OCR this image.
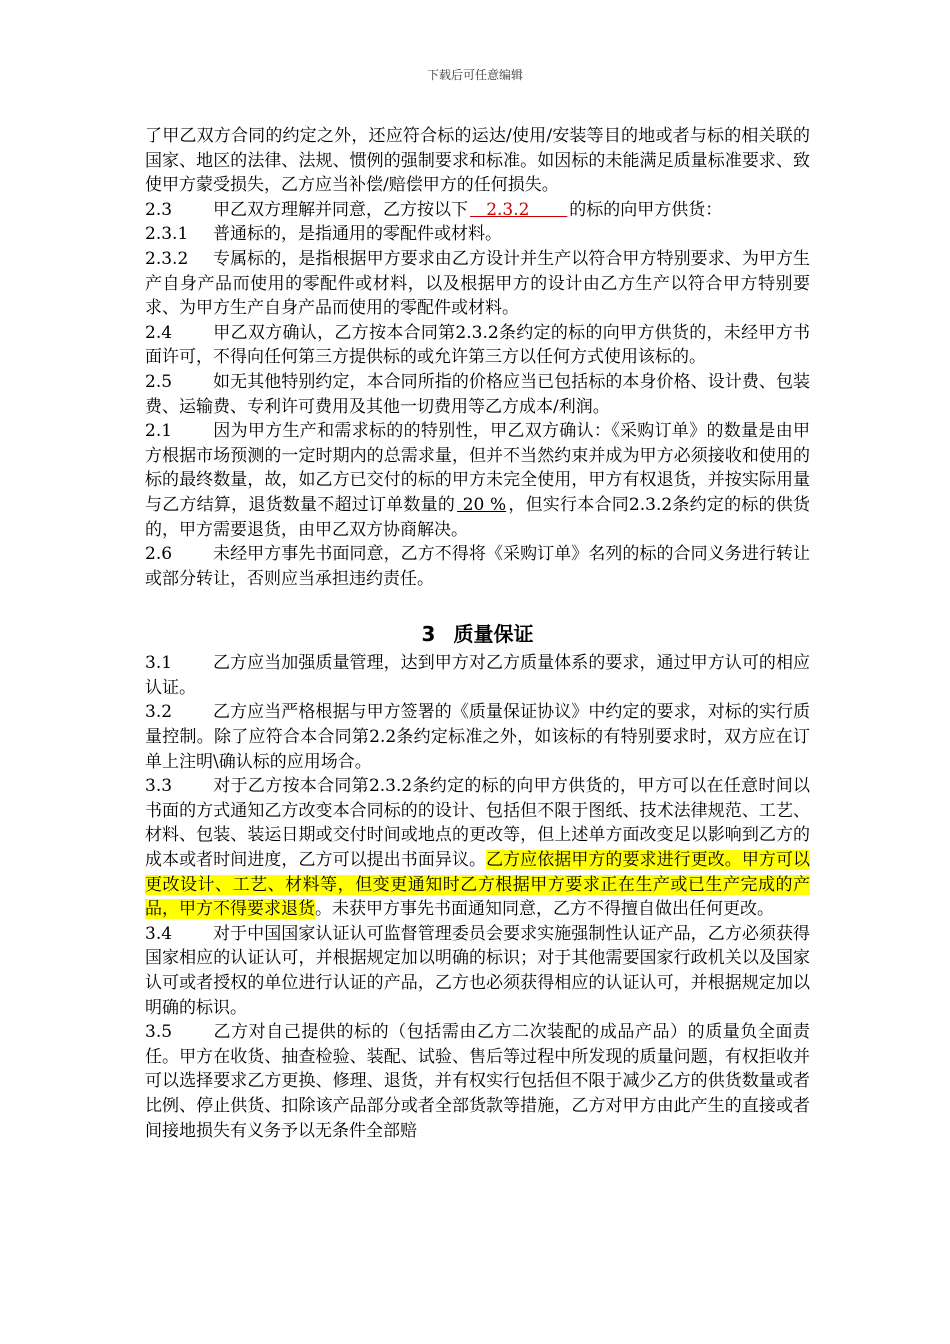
下载后可任意编辑

了甲乙双方合同的约定之外，还应符合标的运达/使用/安装等目的地或者与标的相关联的国家、地区的法律、法规、惯例的强制要求和标准。如因标的未能满足质量标准要求、致使甲方蒙受损失，乙方应当补偿/赔偿甲方的任何损失。

2.3 甲乙双方理解并同意，乙方按以下   2.3.2       的标的向甲方供货：

2.3.1 普通标的，是指通用的零配件或材料。

2.3.2 专属标的，是指根据甲方要求由乙方设计并生产以符合甲方特别要求、为甲方生产自身产品而使用的零配件或材料，以及根据甲方的设计由乙方生产以符合甲方特别要求、为甲方生产自身产品而使用的零配件或材料。

2.4 甲乙双方确认，乙方按本合同第2.3.2条约定的标的向甲方供货的，未经甲方书面许可，不得向任何第三方提供标的或允许第三方以任何方式使用该标的。

2.5 如无其他特别约定，本合同所指的价格应当已包括标的本身价格、设计费、包装费、运输费、专利许可费用及其他一切费用等乙方成本/利润。

2.1 因为甲方生产和需求标的的特别性，甲乙双方确认：《采购订单》的数量是由甲方根据市场预测的一定时期内的总需求量，但并不当然约束并成为甲方必须接收和使用的标的最终数量，故，如乙方已交付的标的甲方未完全使用，甲方有权退货，并按实际用量与乙方结算，退货数量不超过订单数量的 20 % ，但实行本合同2.3.2条约定的标的供货的，甲方需要退货，由甲乙双方协商解决。

2.6 未经甲方事先书面同意，乙方不得将《采购订单》名列的标的合同义务进行转让或部分转让，否则应当承担违约责任。

3 质量保证

3.1 乙方应当加强质量管理，达到甲方对乙方质量体系的要求，通过甲方认可的相应认证。

3.2 乙方应当严格根据与甲方签署的《质量保证协议》中约定的要求，对标的实行质量控制。除了应符合本合同第2.2条约定标准之外，如该标的有特别要求时，双方应在订单上注明\确认标的应用场合。

3.3 对于乙方按本合同第2.3.2条约定的标的向甲方供货的，甲方可以在任意时间以书面的方式通知乙方改变本合同标的的设计、包括但不限于图纸、技术法律规范、工艺、材料、包装、装运日期或交付时间或地点的更改等，但上述单方面改变足以影响到乙方的成本或者时间进度，乙方可以提出书面异议。乙方应依据甲方的要求进行更改。甲方可以更改设计、工艺、材料等，但变更通知时乙方根据甲方要求正在生产或已生产完成的产品，甲方不得要求退货。未获甲方事先书面通知同意，乙方不得擅自做出任何更改。

3.4 对于中国国家认证认可监督管理委员会要求实施强制性认证产品，乙方必须获得国家相应的认证认可，并根据规定加以明确的标识；对于其他需要国家行政机关以及国家认可或者授权的单位进行认证的产品，乙方也必须获得相应的认证认可，并根据规定加以明确的标识。

3.5 乙方对自己提供的标的（包括需由乙方二次装配的成品产品）的质量负全面责任。甲方在收货、抽查检验、装配、试验、售后等过程中所发现的质量问题，有权拒收并可以选择要求乙方更换、修理、退货，并有权实行包括但不限于减少乙方的供货数量或者比例、停止供货、扣除该产品部分或者全部货款等措施，乙方对甲方由此产生的直接或者间接地损失有义务予以无条件全部赔
